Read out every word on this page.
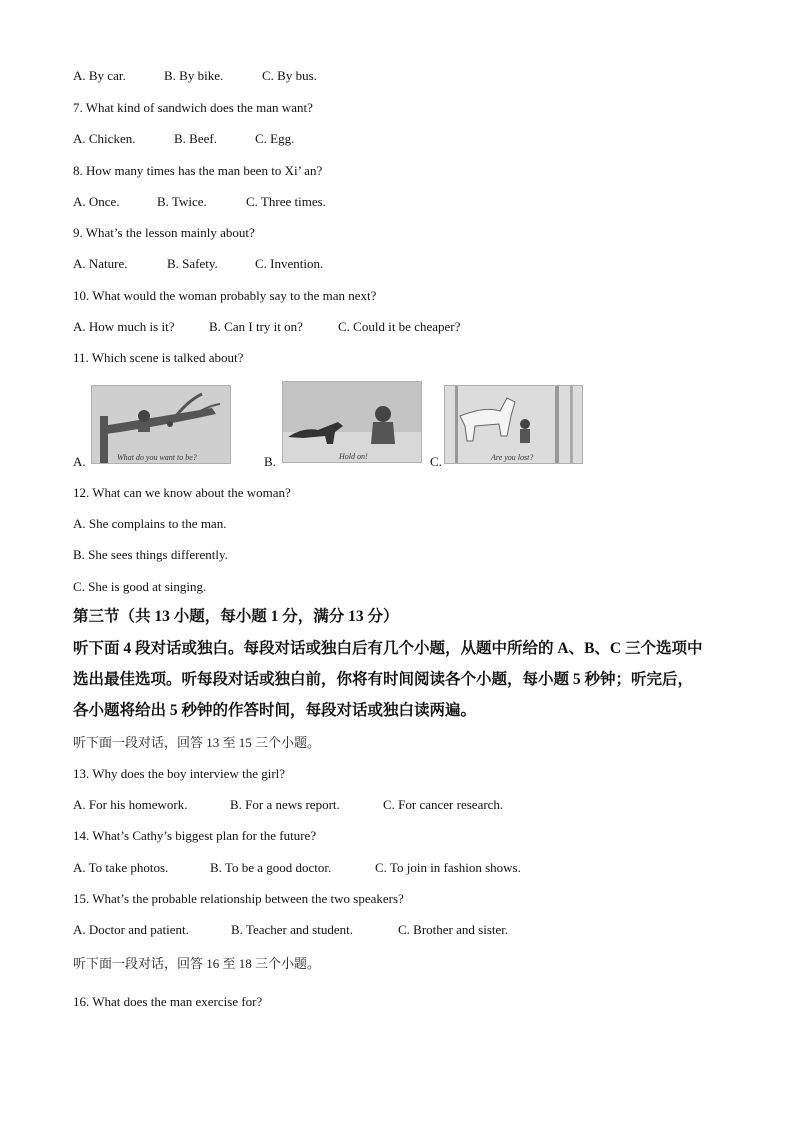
A. By car.	B. By bike.	C. By bus.
7. What kind of sandwich does the man want?
A. Chicken.	B. Beef.	C. Egg.
8. How many times has the man been to Xi’ an?
A. Once.	B. Twice.	C. Three times.
9. What’s the lesson mainly about?
A. Nature.	B. Safety.	C. Invention.
10. What would the woman probably say to the man next?
A. How much is it?	B. Can I try it on?	C. Could it be cheaper?
11. Which scene is talked about?
A.	What do you want to be?	B.	Hold on!	C.	Are you lost?
12. What can we know about the woman?
A. She complains to the man.
B. She sees things differently.
C. She is good at singing.
第三节（共 13 小题，每小题 1 分，满分 13 分）
听下面 4 段对话或独白。每段对话或独白后有几个小题，从题中所给的 A、B、C 三个选项中
选出最佳选项。听每段对话或独白前，你将有时间阅读各个小题，每小题 5 秒钟；听完后，
各小题将给出 5 秒钟的作答时间，每段对话或独白读两遍。
听下面一段对话，回答 13 至 15 三个小题。
13. Why does the boy interview the girl?
A. For his homework.	B. For a news report.	C. For cancer research.
14. What’s Cathy’s biggest plan for the future?
A. To take photos.	B. To be a good doctor.	C. To join in fashion shows.
15. What’s the probable relationship between the two speakers?
A. Doctor and patient.	B. Teacher and student.	C. Brother and sister.
听下面一段对话，回答 16 至 18 三个小题。
16. What does the man exercise for?
